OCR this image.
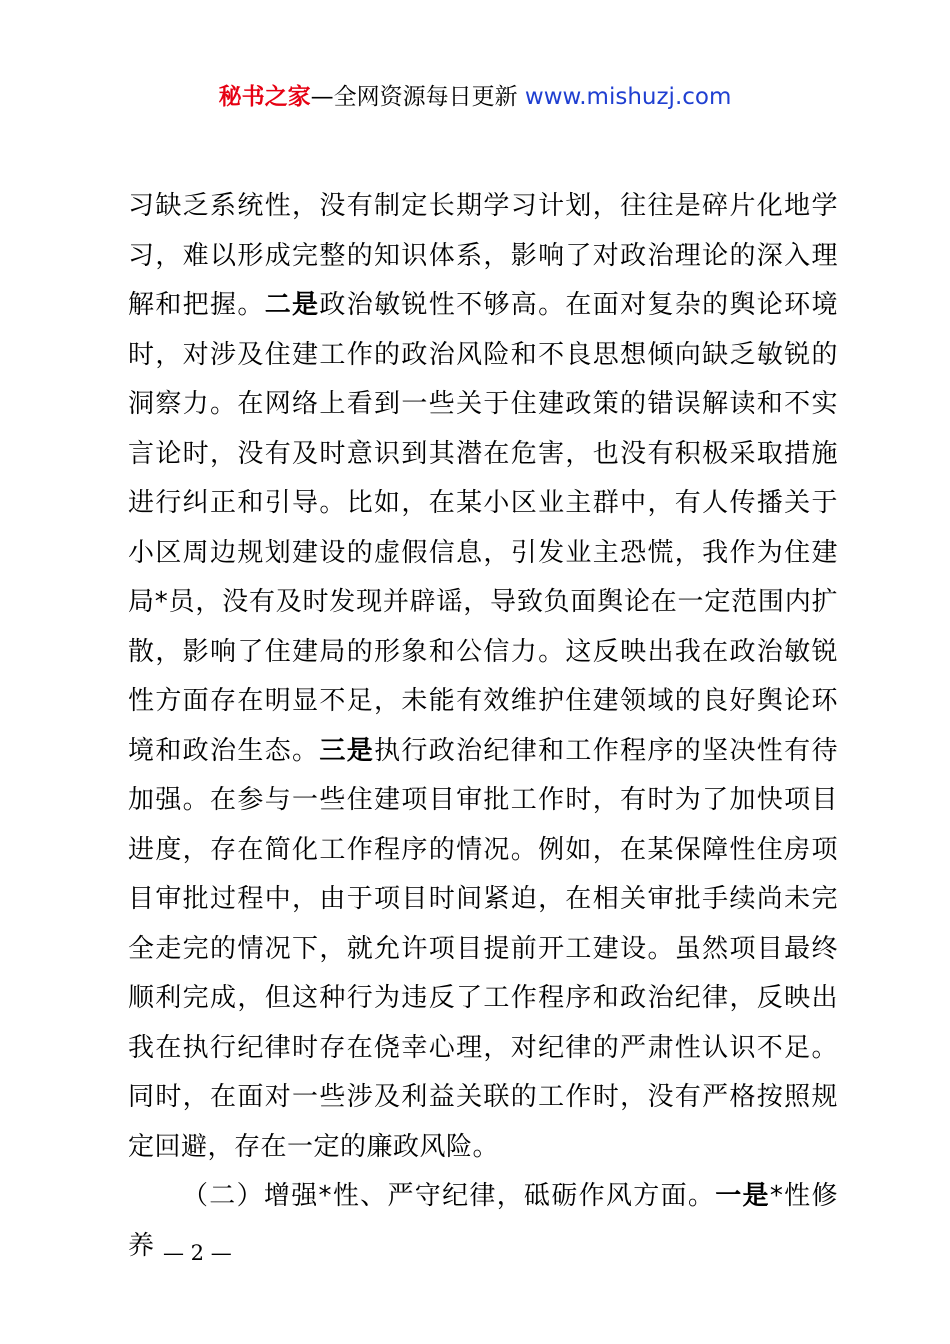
秘书之家—全网资源每日更新 www.mishuzj.com

习缺乏系统性，没有制定长期学习计划，往往是碎片化地学习，难以形成完整的知识体系，影响了对政治理论的深入理解和把握。二是政治敏锐性不够高。在面对复杂的舆论环境时，对涉及住建工作的政治风险和不良思想倾向缺乏敏锐的洞察力。在网络上看到一些关于住建政策的错误解读和不实言论时，没有及时意识到其潜在危害，也没有积极采取措施进行纠正和引导。比如，在某小区业主群中，有人传播关于小区周边规划建设的虚假信息，引发业主恐慌，我作为住建局*员，没有及时发现并辟谣，导致负面舆论在一定范围内扩散，影响了住建局的形象和公信力。这反映出我在政治敏锐性方面存在明显不足，未能有效维护住建领域的良好舆论环境和政治生态。三是执行政治纪律和工作程序的坚决性有待加强。在参与一些住建项目审批工作时，有时为了加快项目进度，存在简化工作程序的情况。例如，在某保障性住房项目审批过程中，由于项目时间紧迫，在相关审批手续尚未完全走完的情况下，就允许项目提前开工建设。虽然项目最终顺利完成，但这种行为违反了工作程序和政治纪律，反映出我在执行纪律时存在侥幸心理，对纪律的严肃性认识不足。同时，在面对一些涉及利益关联的工作时，没有严格按照规定回避，存在一定的廉政风险。

（二）增强*性、严守纪律，砥砺作风方面。一是*性修养 — 2 —
